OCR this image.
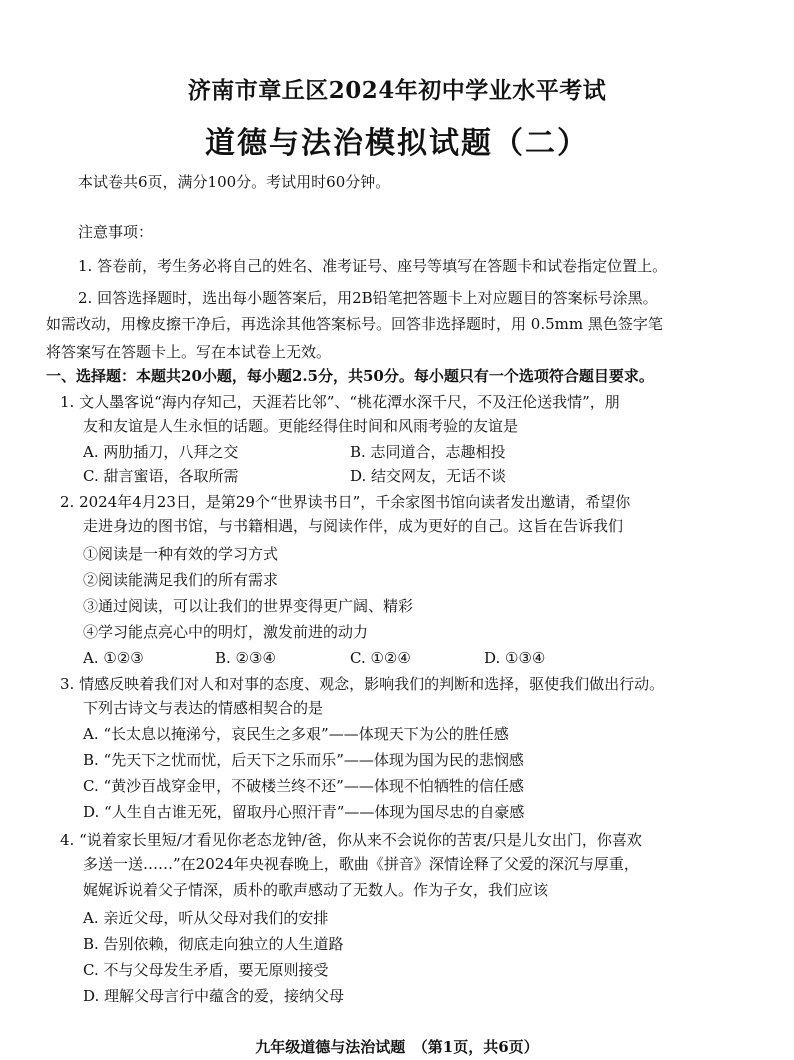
济南市章丘区2024年初中学业水平考试
道德与法治模拟试题（二）
本试卷共6页，满分100分。考试用时60分钟。
注意事项：
1. 答卷前，考生务必将自己的姓名、准考证号、座号等填写在答题卡和试卷指定位置上。
2. 回答选择题时，选出每小题答案后，用2B铅笔把答题卡上对应题目的答案标号涂黑。
如需改动，用橡皮擦干净后，再选涂其他答案标号。回答非选择题时，用 0.5mm 黑色签字笔
将答案写在答题卡上。写在本试卷上无效。
一、选择题：本题共20小题，每小题2.5分，共50分。每小题只有一个选项符合题目要求。
1. 文人墨客说“海内存知己，天涯若比邻”、“桃花潭水深千尺，不及汪伦送我情”，朋
友和友谊是人生永恒的话题。更能经得住时间和风雨考验的友谊是
A. 两肋插刀，八拜之交	B. 志同道合，志趣相投
C. 甜言蜜语，各取所需	D. 结交网友，无话不谈
2. 2024年4月23日，是第29个“世界读书日”，千余家图书馆向读者发出邀请，希望你
走进身边的图书馆，与书籍相遇，与阅读作伴，成为更好的自己。这旨在告诉我们
①阅读是一种有效的学习方式
②阅读能满足我们的所有需求
③通过阅读，可以让我们的世界变得更广阔、精彩
④学习能点亮心中的明灯，激发前进的动力
A. ①②③	B. ②③④	C. ①②④	D. ①③④
3. 情感反映着我们对人和对事的态度、观念，影响我们的判断和选择，驱使我们做出行动。
下列古诗文与表达的情感相契合的是
A. “长太息以掩涕兮，哀民生之多艰”——体现天下为公的胜任感
B. “先天下之忧而忧，后天下之乐而乐”——体现为国为民的悲悯感
C. “黄沙百战穿金甲，不破楼兰终不还”——体现不怕牺牲的信任感
D. “人生自古谁无死，留取丹心照汗青”——体现为国尽忠的自豪感
4. “说着家长里短/才看见你老态龙钟/爸，你从来不会说你的苦衷/只是儿女出门，你喜欢
多送一送……”在2024年央视春晚上，歌曲《拼音》深情诠释了父爱的深沉与厚重，
娓娓诉说着父子情深，质朴的歌声感动了无数人。作为子女，我们应该
A. 亲近父母，听从父母对我们的安排
B. 告别依赖，彻底走向独立的人生道路
C. 不与父母发生矛盾，要无原则接受
D. 理解父母言行中蕴含的爱，接纳父母
九年级道德与法治试题　（第1页，共6页）
